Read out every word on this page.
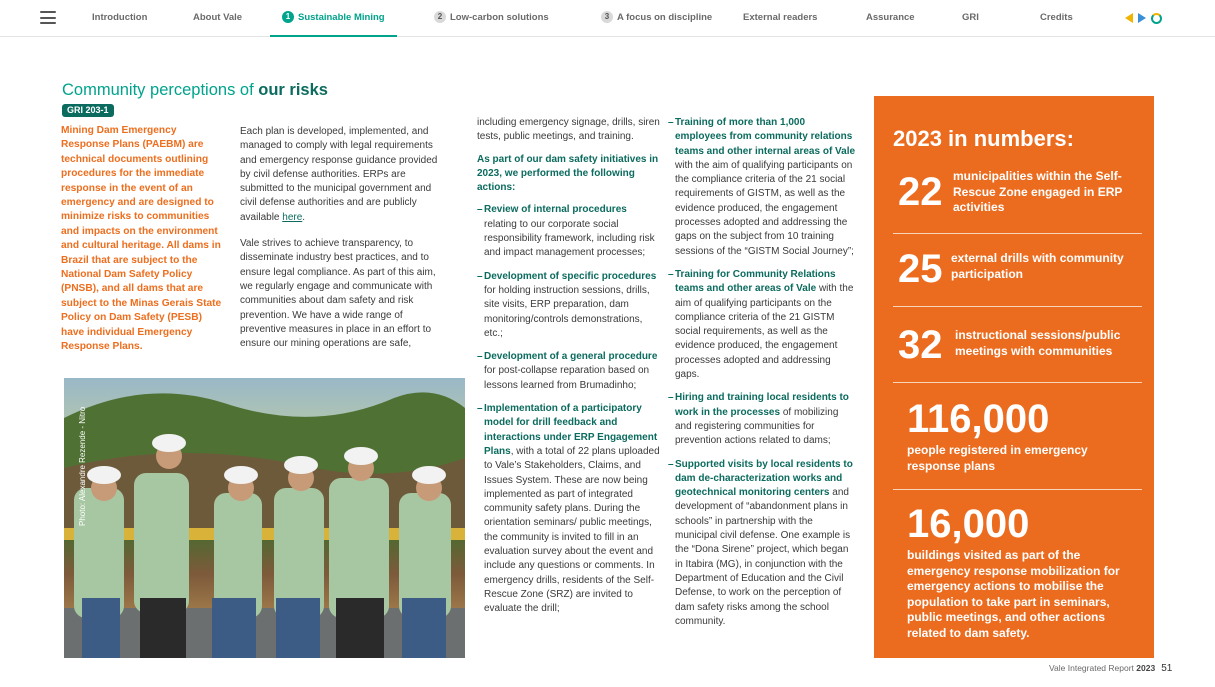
Introduction	About Vale	1 Sustainable Mining	2 Low-carbon solutions	3 A focus on discipline	External readers	Assurance	GRI	Credits
Community perceptions of our risks
GRI 203-1

Mining Dam Emergency Response Plans (PAEBM) are technical documents outlining procedures for the immediate response in the event of an emergency and are designed to minimize risks to communities and impacts on the environment and cultural heritage. All dams in Brazil that are subject to the National Dam Safety Policy (PNSB), and all dams that are subject to the Minas Gerais State Policy on Dam Safety (PESB) have individual Emergency Response Plans.

Each plan is developed, implemented, and managed to comply with legal requirements and emergency response guidance provided by civil defense authorities. ERPs are submitted to the municipal government and civil defense authorities and are publicly available here.

Vale strives to achieve transparency, to disseminate industry best practices, and to ensure legal compliance. As part of this aim, we regularly engage and communicate with communities about dam safety and risk prevention. We have a wide range of preventive measures in place in an effort to ensure our mining operations are safe,

including emergency signage, drills, siren tests, public meetings, and training.

As part of our dam safety initiatives in 2023, we performed the following actions:

– Review of internal procedures relating to our corporate social responsibility framework, including risk and impact management processes;
– Development of specific procedures for holding instruction sessions, drills, site visits, ERP preparation, dam monitoring/controls demonstrations, etc.;
– Development of a general procedure for post-collapse reparation based on lessons learned from Brumadinho;
– Implementation of a participatory model for drill feedback and interactions under ERP Engagement Plans, with a total of 22 plans uploaded to Vale’s Stakeholders, Claims, and Issues System. These are now being implemented as part of integrated community safety plans. During the orientation seminars/ public meetings, the community is invited to fill in an evaluation survey about the event and include any questions or comments. In emergency drills, residents of the Self-Rescue Zone (SRZ) are invited to evaluate the drill;
– Training of more than 1,000 employees from community relations teams and other internal areas of Vale with the aim of qualifying participants on the compliance criteria of the 21 social requirements of GISTM, as well as the evidence produced, the engagement processes adopted and addressing the gaps on the subject from 10 training sessions of the “GISTM Social Journey”;
– Training for Community Relations teams and other areas of Vale with the aim of qualifying participants on the compliance criteria of the 21 GISTM social requirements, as well as the evidence produced, the engagement processes adopted and addressing gaps.
– Hiring and training local residents to work in the processes of mobilizing and registering communities for prevention actions related to dams;
– Supported visits by local residents to dam de-characterization works and geotechnical monitoring centers and development of “abandonment plans in schools” in partnership with the municipal civil defense. One example is the “Dona Sirene” project, which began in Itabira (MG), in conjunction with the Department of Education and the Civil Defense, to work on the perception of dam safety risks among the school community.
Photo: Alexandre Rezende - Nitro
2023 in numbers:
22 municipalities within the Self-Rescue Zone engaged in ERP activities
25 external drills with community participation
32 instructional sessions/public meetings with communities
116,000
people registered in emergency response plans
16,000
buildings visited as part of the emergency response mobilization for emergency actions to mobilise the population to take part in seminars, public meetings, and other actions related to dam safety.
Vale Integrated Report 2023 51
